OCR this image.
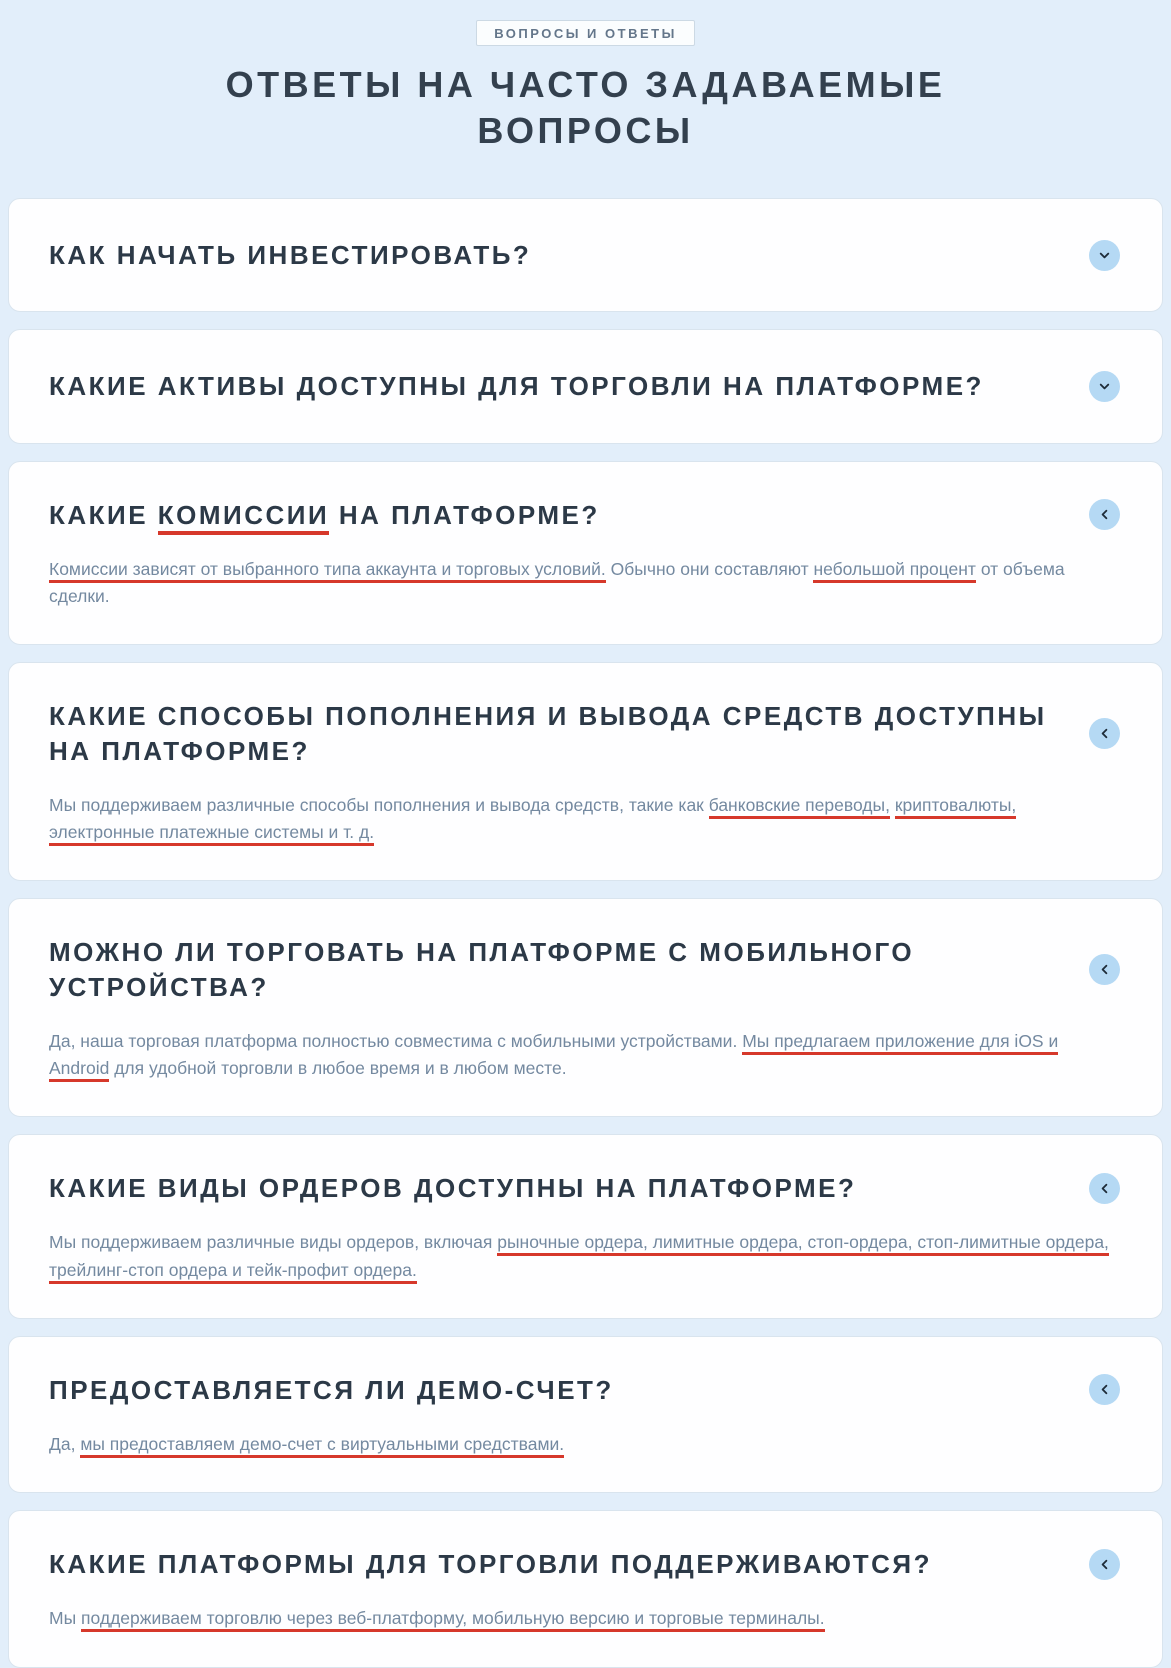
ВОПРОСЫ И ОТВЕТЫ
ОТВЕТЫ НА ЧАСТО ЗАДАВАЕМЫЕ ВОПРОСЫ
КАК НАЧАТЬ ИНВЕСТИРОВАТЬ?
КАКИЕ АКТИВЫ ДОСТУПНЫ ДЛЯ ТОРГОВЛИ НА ПЛАТФОРМЕ?
КАКИЕ КОМИССИИ НА ПЛАТФОРМЕ?

Комиссии зависят от выбранного типа аккаунта и торговых условий. Обычно они составляют небольшой процент от объема сделки.

КАКИЕ СПОСОБЫ ПОПОЛНЕНИЯ И ВЫВОДА СРЕДСТВ ДОСТУПНЫ НА ПЛАТФОРМЕ?

Мы поддерживаем различные способы пополнения и вывода средств, такие как банковские переводы, криптовалюты, электронные платежные системы и т. д.

МОЖНО ЛИ ТОРГОВАТЬ НА ПЛАТФОРМЕ С МОБИЛЬНОГО УСТРОЙСТВА?

Да, наша торговая платформа полностью совместима с мобильными устройствами. Мы предлагаем приложение для iOS и Android для удобной торговли в любое время и в любом месте.

КАКИЕ ВИДЫ ОРДЕРОВ ДОСТУПНЫ НА ПЛАТФОРМЕ?

Мы поддерживаем различные виды ордеров, включая рыночные ордера, лимитные ордера, стоп-ордера, стоп-лимитные ордера, трейлинг-стоп ордера и тейк-профит ордера.

ПРЕДОСТАВЛЯЕТСЯ ЛИ ДЕМО-СЧЕТ?

Да, мы предоставляем демо-счет с виртуальными средствами.

КАКИЕ ПЛАТФОРМЫ ДЛЯ ТОРГОВЛИ ПОДДЕРЖИВАЮТСЯ?

Мы поддерживаем торговлю через веб-платформу, мобильную версию и торговые терминалы.
